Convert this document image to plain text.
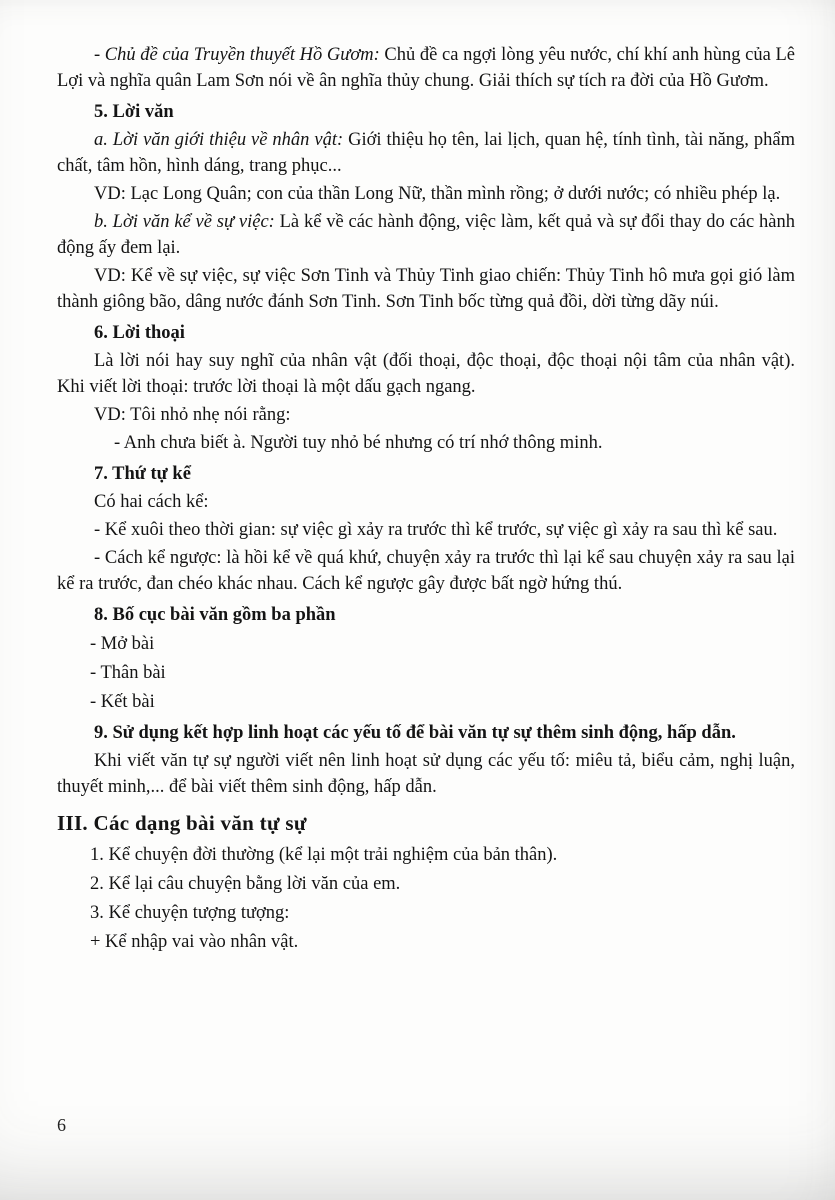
- Chủ đề của Truyền thuyết Hồ Gươm: Chủ đề ca ngợi lòng yêu nước, chí khí anh hùng của Lê Lợi và nghĩa quân Lam Sơn nói về ân nghĩa thủy chung. Giải thích sự tích ra đời của Hồ Gươm.

5. Lời văn

a. Lời văn giới thiệu về nhân vật: Giới thiệu họ tên, lai lịch, quan hệ, tính tình, tài năng, phẩm chất, tâm hồn, hình dáng, trang phục...

VD: Lạc Long Quân; con của thần Long Nữ, thần mình rồng; ở dưới nước; có nhiều phép lạ.

b. Lời văn kể về sự việc: Là kể về các hành động, việc làm, kết quả và sự đổi thay do các hành động ấy đem lại.

VD: Kể về sự việc, sự việc Sơn Tinh và Thủy Tinh giao chiến: Thủy Tinh hô mưa gọi gió làm thành giông bão, dâng nước đánh Sơn Tinh. Sơn Tinh bốc từng quả đồi, dời từng dãy núi.

6. Lời thoại

Là lời nói hay suy nghĩ của nhân vật (đối thoại, độc thoại, độc thoại nội tâm của nhân vật). Khi viết lời thoại: trước lời thoại là một dấu gạch ngang.

VD: Tôi nhỏ nhẹ nói rằng:

- Anh chưa biết à. Người tuy nhỏ bé nhưng có trí nhớ thông minh.

7. Thứ tự kể

Có hai cách kể:

- Kể xuôi theo thời gian: sự việc gì xảy ra trước thì kể trước, sự việc gì xảy ra sau thì kể sau.

- Cách kể ngược: là hồi kể về quá khứ, chuyện xảy ra trước thì lại kể sau chuyện xảy ra sau lại kể ra trước, đan chéo khác nhau. Cách kể ngược gây được bất ngờ hứng thú.

8. Bố cục bài văn gồm ba phần

- Mở bài

- Thân bài

- Kết bài

9. Sử dụng kết hợp linh hoạt các yếu tố để bài văn tự sự thêm sinh động, hấp dẫn.

Khi viết văn tự sự người viết nên linh hoạt sử dụng các yếu tố: miêu tả, biểu cảm, nghị luận, thuyết minh,... để bài viết thêm sinh động, hấp dẫn.

III. Các dạng bài văn tự sự

1. Kể chuyện đời thường (kể lại một trải nghiệm của bản thân).

2. Kể lại câu chuyện bằng lời văn của em.

3. Kể chuyện tượng tượng:

+ Kể nhập vai vào nhân vật.

6
